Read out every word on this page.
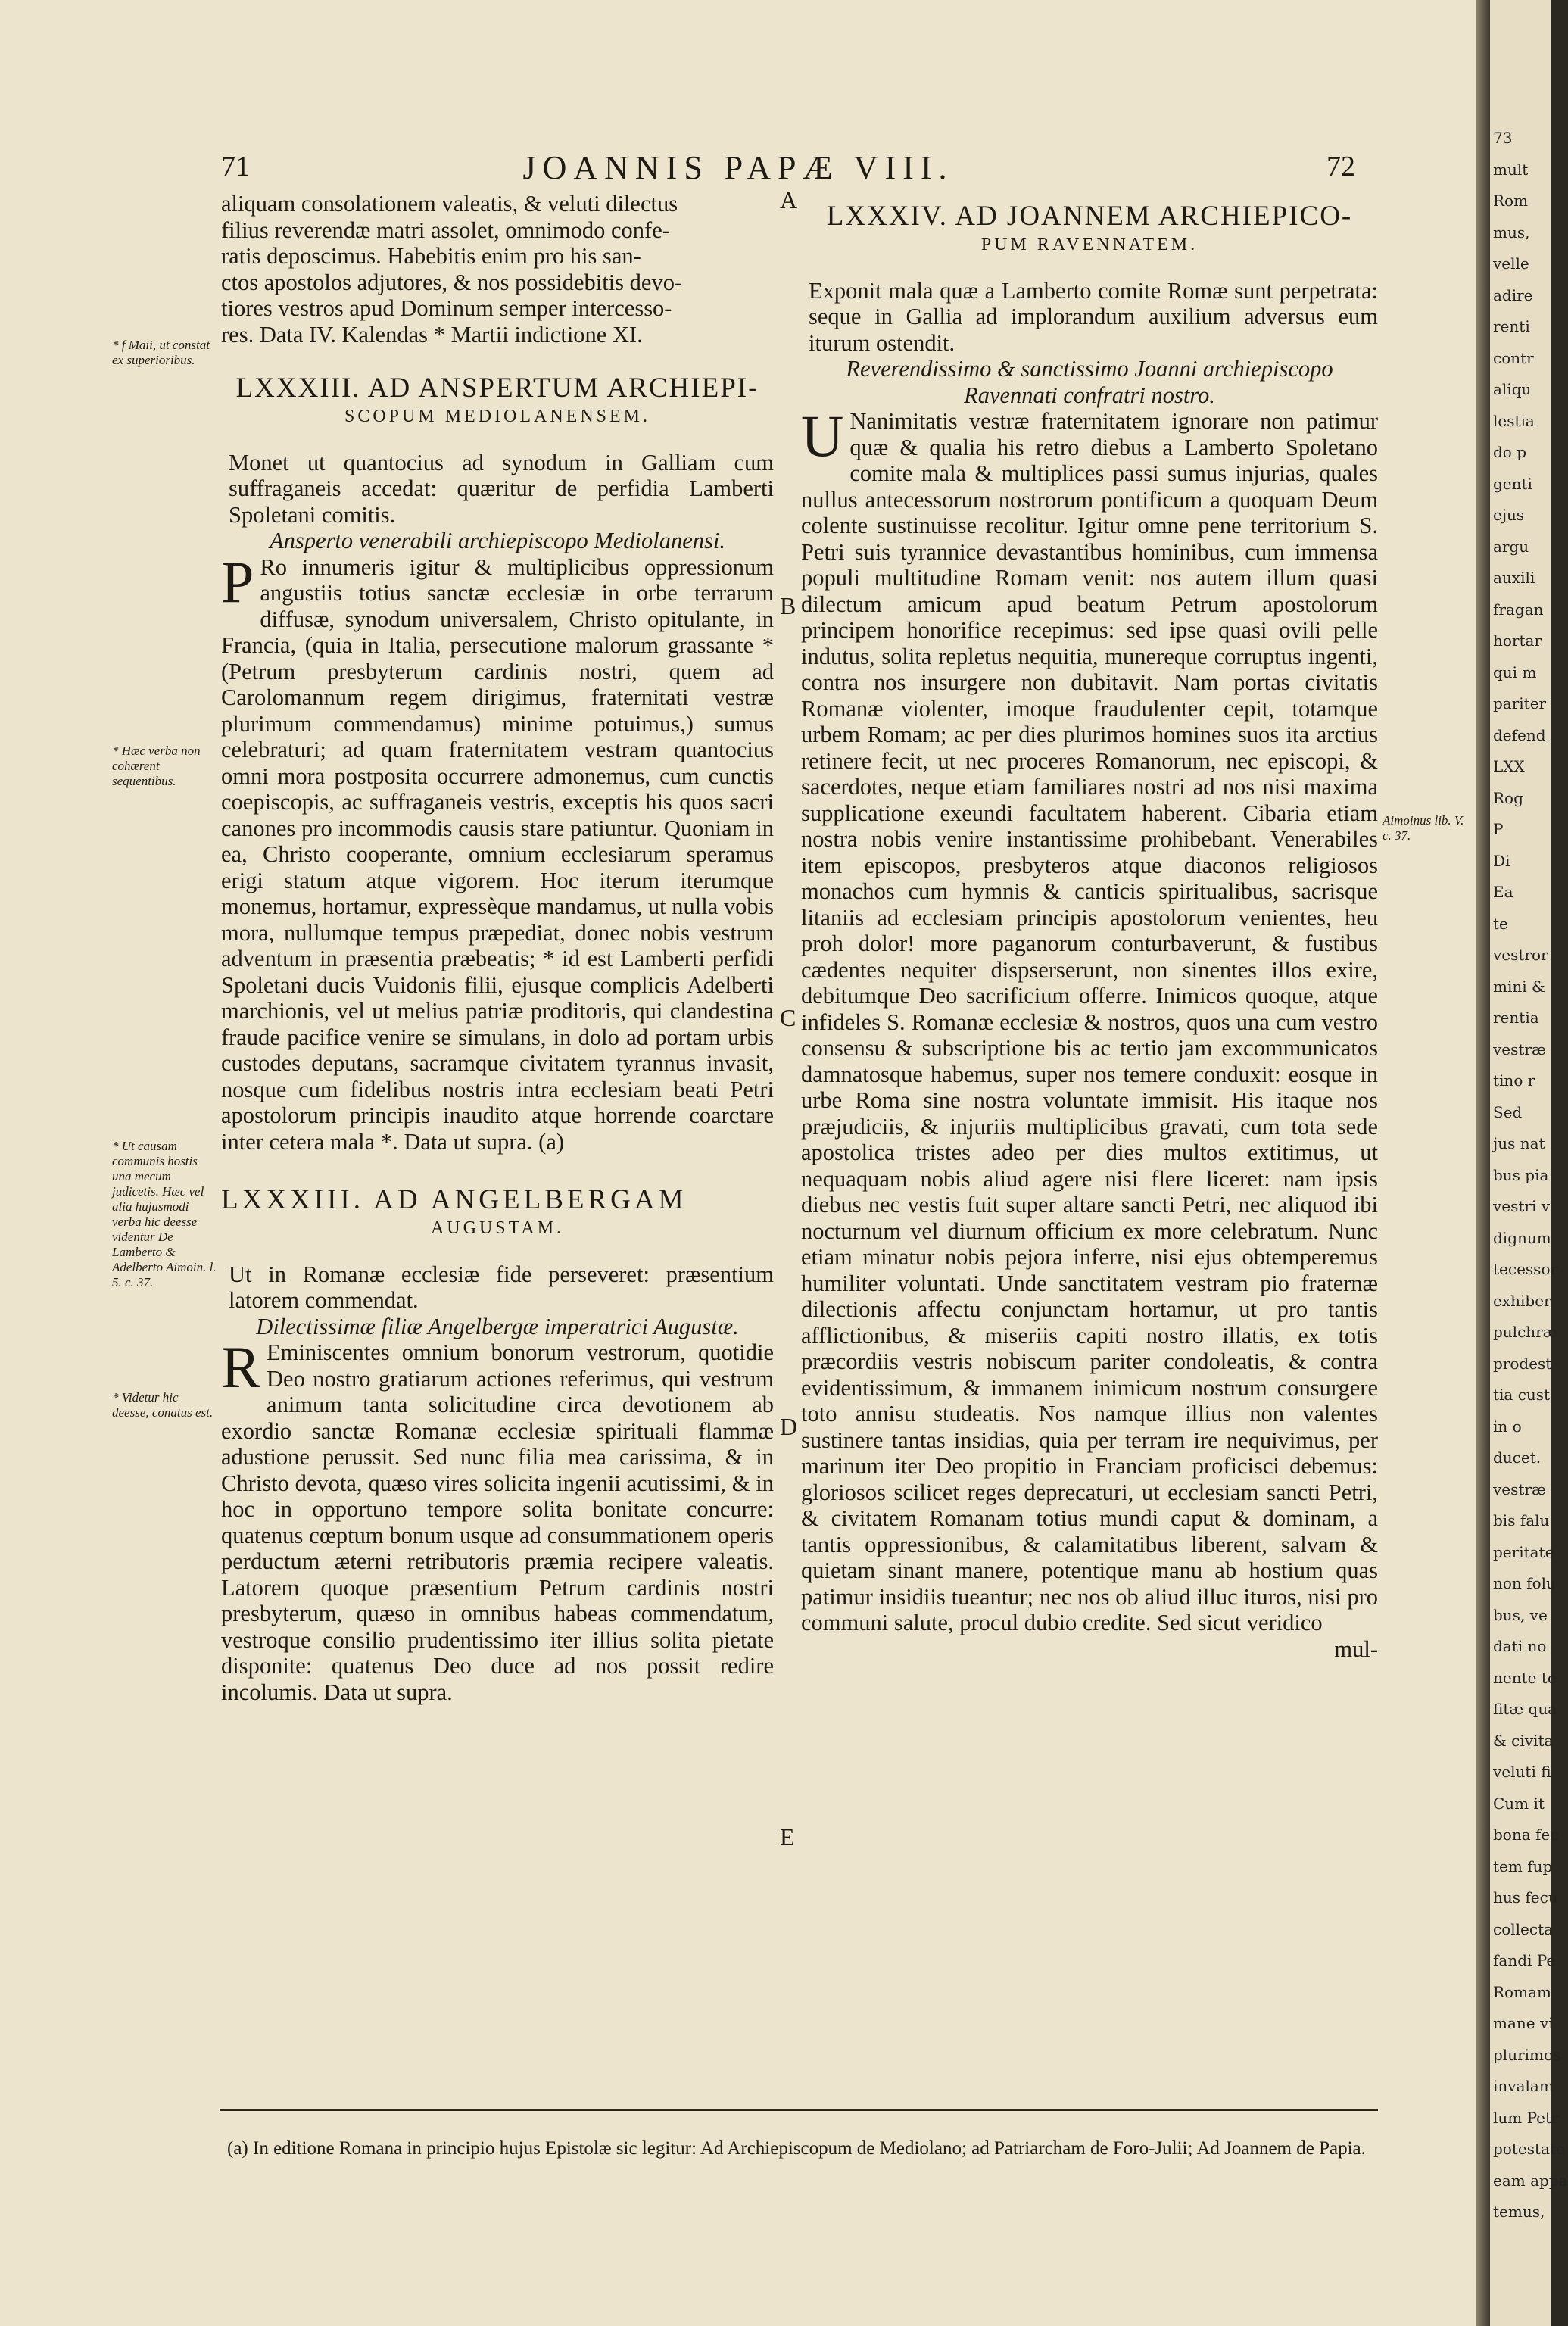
71	JOANNIS PAPÆ VIII.	72

aliquam consolationem valeatis, & veluti dilectus

filius reverendæ matri assolet, omnimodo confe-

ratis deposcimus. Habebitis enim pro his san-

ctos apostolos adjutores, & nos possidebitis devo-

tiores vestros apud Dominum semper intercesso-

res. Data IV. Kalendas * Martii indictione XI.

LXXXIII. AD ANSPERTUM ARCHIEPI-
SCOPUM MEDIOLANENSEM.

Monet ut quantocius ad synodum in Galliam cum suffraganeis accedat: quæritur de perfidia Lamberti Spoletani comitis.

Ansperto venerabili archiepiscopo Mediolanensi.

P Ro innumeris igitur & multiplicibus oppressionum angustiis totius sanctæ ecclesiæ in orbe terrarum diffusæ, synodum universalem, Christo opitulante, in Francia, (quia in Italia, persecutione malorum grassante * (Petrum presbyterum cardinis nostri, quem ad Carolomannum regem dirigimus, fraternitati vestræ plurimum commendamus) minime potuimus,) sumus celebraturi; ad quam fraternitatem vestram quantocius omni mora postposita occurrere admonemus, cum cunctis coepiscopis, ac suffraganeis vestris, exceptis his quos sacri canones pro incommodis causis stare patiuntur. Quoniam in ea, Christo cooperante, omnium ecclesiarum speramus erigi statum atque vigorem. Hoc iterum iterumque monemus, hortamur, expressèque mandamus, ut nulla vobis mora, nullumque tempus præpediat, donec nobis vestrum adventum in præsentia præbeatis; * id est Lamberti perfidi Spoletani ducis Vuidonis filii, ejusque complicis Adelberti marchionis, vel ut melius patriæ proditoris, qui clandestina fraude pacifice venire se simulans, in dolo ad portam urbis custodes deputans, sacramque civitatem tyrannus invasit, nosque cum fidelibus nostris intra ecclesiam beati Petri apostolorum principis inaudito atque horrende coarctare inter cetera mala *. Data ut supra. (a)

LXXXIII. AD ANGELBERGAM
AUGUSTAM.

Ut in Romanæ ecclesiæ fide perseveret: præsentium latorem commendat.

Dilectissimæ filiæ Angelbergæ imperatrici Augustæ.

R Eminiscentes omnium bonorum vestrorum, quotidie Deo nostro gratiarum actiones referimus, qui vestrum animum tanta solicitudine circa devotionem ab exordio sanctæ Romanæ ecclesiæ spirituali flammæ adustione perussit. Sed nunc filia mea carissima, & in Christo devota, quæso vires solicita ingenii acutissimi, & in hoc in opportuno tempore solita bonitate concurre: quatenus cœptum bonum usque ad consummationem operis perductum æterni retributoris præmia recipere valeatis. Latorem quoque præsentium Petrum cardinis nostri presbyterum, quæso in omnibus habeas commendatum, vestroque consilio prudentissimo iter illius solita pietate disponite: quatenus Deo duce ad nos possit redire incolumis. Data ut supra.

LXXXIV. AD JOANNEM ARCHIEPICO-
PUM RAVENNATEM.

Exponit mala quæ a Lamberto comite Romæ sunt perpetrata: seque in Gallia ad implorandum auxilium adversus eum iturum ostendit.

Reverendissimo & sanctissimo Joanni archiepiscopo Ravennati confratri nostro.

U Nanimitatis vestræ fraternitatem ignorare non patimur quæ & qualia his retro diebus a Lamberto Spoletano comite mala & multiplices passi sumus injurias, quales nullus antecessorum nostrorum pontificum a quoquam Deum colente sustinuisse recolitur. Igitur omne pene territorium S. Petri suis tyrannice devastantibus hominibus, cum immensa populi multitudine Romam venit: nos autem illum quasi dilectum amicum apud beatum Petrum apostolorum principem honorifice recepimus: sed ipse quasi ovili pelle indutus, solita repletus nequitia, munereque corruptus ingenti, contra nos insurgere non dubitavit. Nam portas civitatis Romanæ violenter, imoque fraudulenter cepit, totamque urbem Romam; ac per dies plurimos homines suos ita arctius retinere fecit, ut nec proceres Romanorum, nec episcopi, & sacerdotes, neque etiam familiares nostri ad nos nisi maxima supplicatione exeundi facultatem haberent. Cibaria etiam nostra nobis venire instantissime prohibebant. Venerabiles item episcopos, presbyteros atque diaconos religiosos monachos cum hymnis & canticis spiritualibus, sacrisque litaniis ad ecclesiam principis apostolorum venientes, heu proh dolor! more paganorum conturbaverunt, & fustibus cædentes nequiter dispserserunt, non sinentes illos exire, debitumque Deo sacrificium offerre. Inimicos quoque, atque infideles S. Romanæ ecclesiæ & nostros, quos una cum vestro consensu & subscriptione bis ac tertio jam excommunicatos damnatosque habemus, super nos temere conduxit: eosque in urbe Roma sine nostra voluntate immisit. His itaque nos præjudiciis, & injuriis multiplicibus gravati, cum tota sede apostolica tristes adeo per dies multos extitimus, ut nequaquam nobis aliud agere nisi flere liceret: nam ipsis diebus nec vestis fuit super altare sancti Petri, nec aliquod ibi nocturnum vel diurnum officium ex more celebratum. Nunc etiam minatur nobis pejora inferre, nisi ejus obtemperemus humiliter voluntati. Unde sanctitatem vestram pio fraternæ dilectionis affectu conjunctam hortamur, ut pro tantis afflictionibus, & miseriis capiti nostro illatis, ex totis præcordiis vestris nobiscum pariter condoleatis, & contra evidentissimum, & immanem inimicum nostrum consurgere toto annisu studeatis. Nos namque illius non valentes sustinere tantas insidias, quia per terram ire nequivimus, per marinum iter Deo propitio in Franciam proficisci debemus: gloriosos scilicet reges deprecaturi, ut ecclesiam sancti Petri, & civitatem Romanam totius mundi caput & dominam, a tantis oppressionibus, & calamitatibus liberent, salvam & quietam sinant manere, potentique manu ab hostium quas patimur insidiis tueantur; nec nos ob aliud illuc ituros, nisi pro communi salute, procul dubio credite. Sed sicut veridico

mul-

* f Maii, ut constat ex superioribus.
* Hæc verba non cohærent sequentibus.
* Ut causam communis hostis una mecum judicetis. Hæc vel alia hujusmodi verba hic deesse videntur De Lamberto & Adelberto Aimoin. l. 5. c. 37.
* Videtur hic deesse, conatus est.
Aimoinus lib. V. c. 37.
A
B
C
D
E
(a) In editione Romana in principio hujus Epistolæ sic legitur: Ad Archiepiscopum de Mediolano; ad Patriarcham de Foro-Julii; Ad Joannem de Papia.
73
mult
Rom
mus,
velle
adire
renti
contr
aliqu
lestia
do p
genti
ejus
argu
auxili
fragan
hortar
qui m
pariter
defend
LXX
Rog
P
Di
Ea
te
vestror
mini &
rentia
vestræ
tino r
Sed
jus nat
bus pia
vestri v
dignum
tecessor
exhiber
pulchræ
prodest
tia cust
in o
ducet.
vestræ
bis falu
peritate
non folu
bus, ve
dati no
nente te
fitæ qua
& civita
veluti fi
Cum it
bona fec
tem fup
hus fecu
collecta
fandi Pe
Romam
mane vi
plurimos
invalam
lum Petr
potestate
eam appa
temus,
